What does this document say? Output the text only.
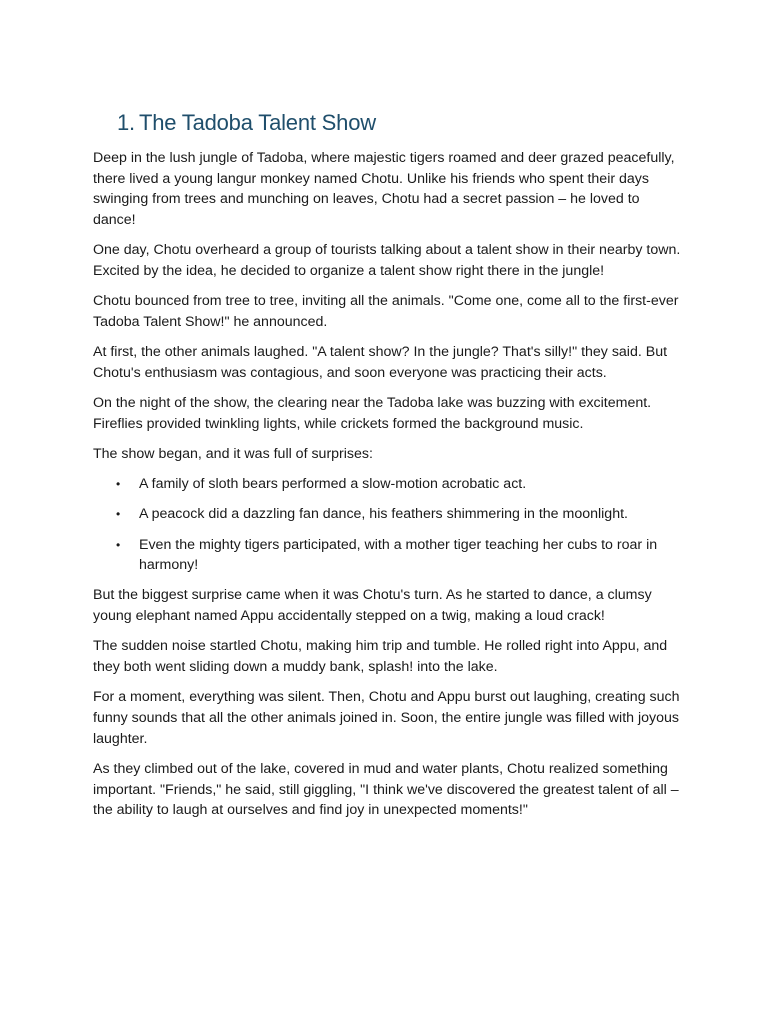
1. The Tadoba Talent Show

Deep in the lush jungle of Tadoba, where majestic tigers roamed and deer grazed peacefully, there lived a young langur monkey named Chotu. Unlike his friends who spent their days swinging from trees and munching on leaves, Chotu had a secret passion – he loved to dance!

One day, Chotu overheard a group of tourists talking about a talent show in their nearby town. Excited by the idea, he decided to organize a talent show right there in the jungle!

Chotu bounced from tree to tree, inviting all the animals. "Come one, come all to the first-ever Tadoba Talent Show!" he announced.

At first, the other animals laughed. "A talent show? In the jungle? That's silly!" they said. But Chotu's enthusiasm was contagious, and soon everyone was practicing their acts.

On the night of the show, the clearing near the Tadoba lake was buzzing with excitement. Fireflies provided twinkling lights, while crickets formed the background music.

The show began, and it was full of surprises:

• A family of sloth bears performed a slow-motion acrobatic act.
• A peacock did a dazzling fan dance, his feathers shimmering in the moonlight.
• Even the mighty tigers participated, with a mother tiger teaching her cubs to roar in harmony!

But the biggest surprise came when it was Chotu's turn. As he started to dance, a clumsy young elephant named Appu accidentally stepped on a twig, making a loud crack!

The sudden noise startled Chotu, making him trip and tumble. He rolled right into Appu, and they both went sliding down a muddy bank, splash! into the lake.

For a moment, everything was silent. Then, Chotu and Appu burst out laughing, creating such funny sounds that all the other animals joined in. Soon, the entire jungle was filled with joyous laughter.

As they climbed out of the lake, covered in mud and water plants, Chotu realized something important. "Friends," he said, still giggling, "I think we've discovered the greatest talent of all – the ability to laugh at ourselves and find joy in unexpected moments!"
